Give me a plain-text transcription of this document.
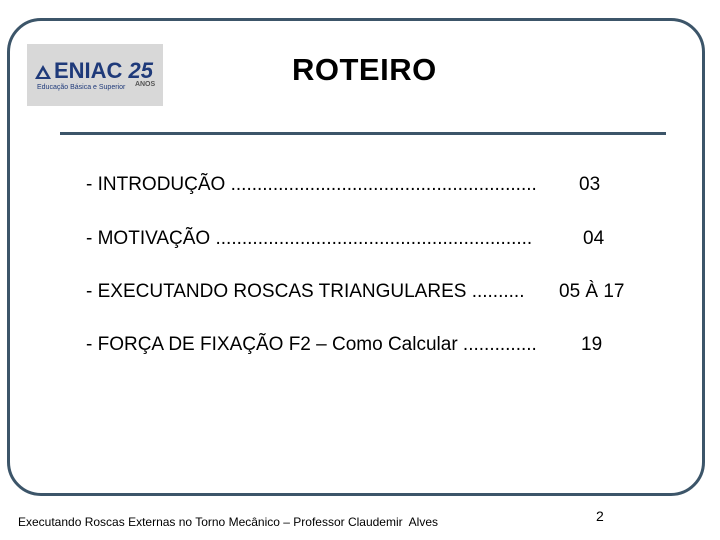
ENIAC 25
ANOS
Educação Básica e Superior	ROTEIRO
- INTRODUÇÃO .......................................................... 03
- MOTIVAÇÃO ............................................................	04
- EXECUTANDO ROSCAS TRIANGULARES .......... 05 À 17
- FORÇA DE FIXAÇÃO F2 – Como Calcular .............. 19
Executando Roscas Externas no Torno Mecânico – Professor Claudemir  Alves	2
